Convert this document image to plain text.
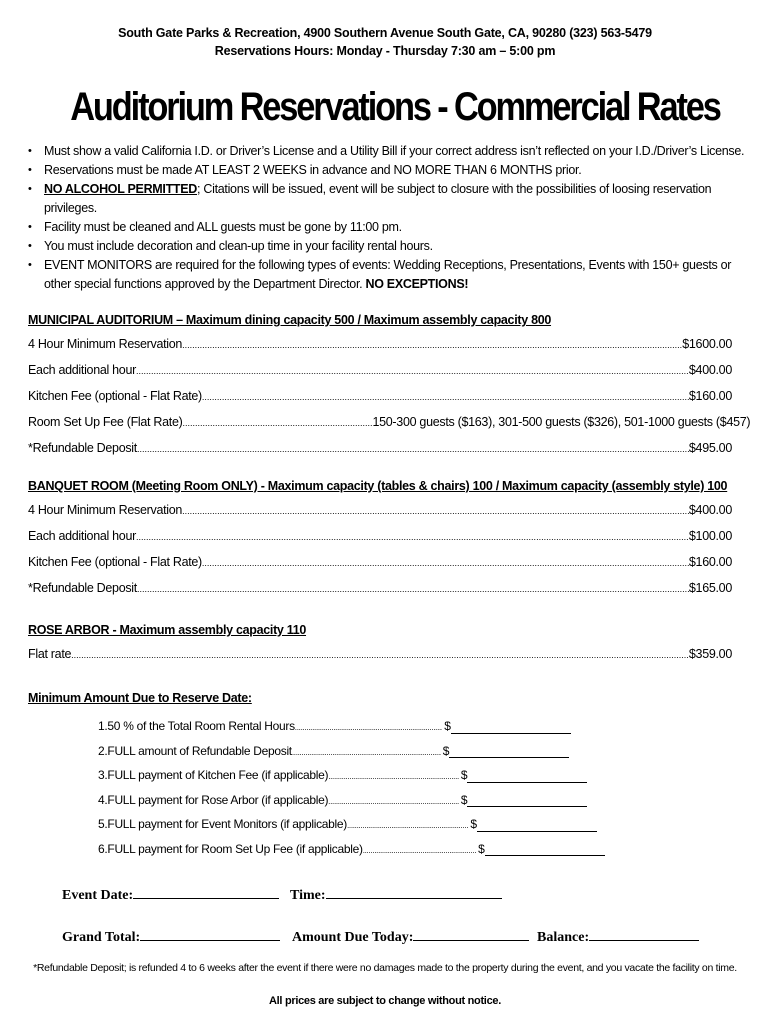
South Gate Parks & Recreation, 4900 Southern Avenue South Gate, CA, 90280 (323) 563-5479
Reservations Hours: Monday - Thursday 7:30 am – 5:00 pm
Auditorium Reservations - Commercial Rates
• Must show a valid California I.D. or Driver’s License and a Utility Bill if your correct address isn’t reflected on your I.D./Driver’s License.
• Reservations must be made AT LEAST 2 WEEKS in advance and NO MORE THAN 6 MONTHS prior.
• NO ALCOHOL PERMITTED; Citations will be issued, event will be subject to closure with the possibilities of loosing reservation privileges.
• Facility must be cleaned and ALL guests must be gone by 11:00 pm.
• You must include decoration and clean-up time in your facility rental hours.
• EVENT MONITORS are required for the following types of events: Wedding Receptions, Presentations, Events with 150+ guests or other special functions approved by the Department Director. NO EXCEPTIONS!
MUNICIPAL AUDITORIUM – Maximum dining capacity 500 / Maximum assembly capacity 800
4 Hour Minimum Reservation .....	$1600.00
Each additional hour .....	$400.00
Kitchen Fee (optional - Flat Rate) .....	$160.00
Room Set Up Fee (Flat Rate) .....	150-300 guests ($163), 301-500 guests ($326), 501-1000 guests ($457)
*Refundable Deposit .....	$495.00
BANQUET ROOM (Meeting Room ONLY) - Maximum capacity (tables & chairs) 100 / Maximum capacity (assembly style) 100
4 Hour Minimum Reservation .....	$400.00
Each additional hour .....	$100.00
Kitchen Fee (optional - Flat Rate) .....	$160.00
*Refundable Deposit .....	$165.00
ROSE ARBOR - Maximum assembly capacity 110
Flat rate .....	$359.00
Minimum Amount Due to Reserve Date:
1.50 % of the Total Room Rental Hours .....	$
2.FULL amount of Refundable Deposit .....	$
3.FULL payment of Kitchen Fee (if applicable) .....	$
4.FULL payment for Rose Arbor (if applicable) .....	$
5.FULL payment for Event Monitors (if applicable) .....	$
6.FULL payment for Room Set Up Fee (if applicable) .....	$
Event Date:	Time:
Grand Total:	Amount Due Today:	Balance:
*Refundable Deposit; is refunded 4 to 6 weeks after the event if there were no damages made to the property during the event, and you vacate the facility on time.
All prices are subject to change without notice.
